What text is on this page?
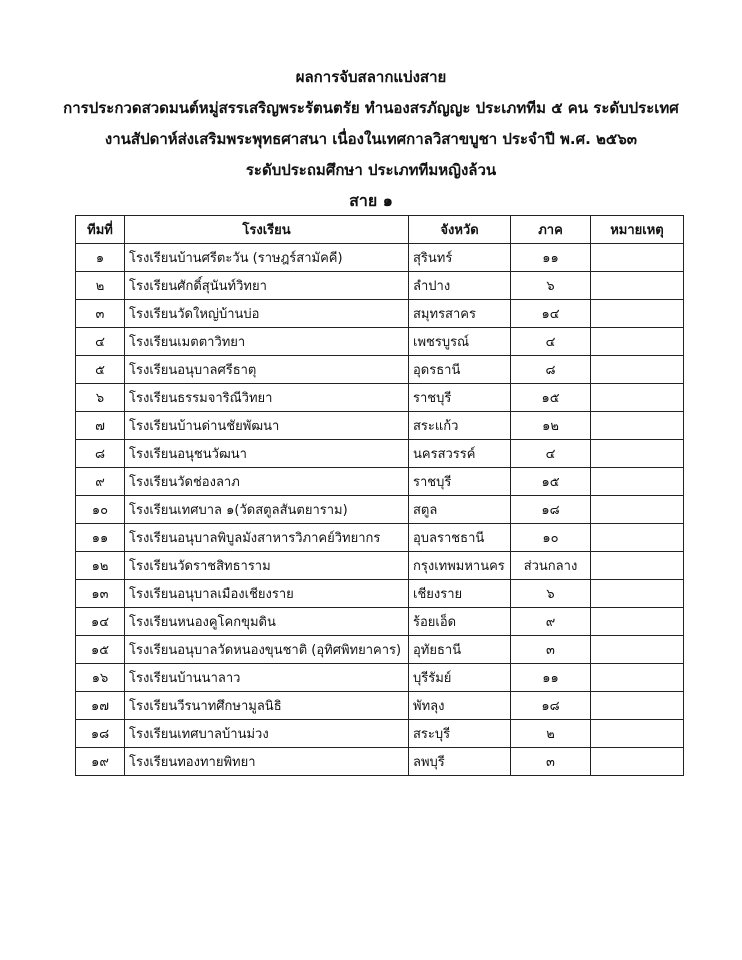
ผลการจับสลากแบ่งสาย
การประกวดสวดมนต์หมู่สรรเสริญพระรัตนตรัย ทำนองสรภัญญะ ประเภททีม ๕ คน ระดับประเทศ
งานสัปดาห์ส่งเสริมพระพุทธศาสนา เนื่องในเทศกาลวิสาขบูชา ประจำปี พ.ศ. ๒๕๖๓
ระดับประถมศึกษา ประเภททีมหญิงล้วน
สาย ๑
ทีมที่	โรงเรียน	จังหวัด	ภาค	หมายเหตุ
๑	โรงเรียนบ้านศรีตะวัน (ราษฎร์สามัคคี)	สุรินทร์	๑๑	
๒	โรงเรียนศักดิ์สุนันท์วิทยา	ลำปาง	๖	
๓	โรงเรียนวัดใหญ่บ้านบ่อ	สมุทรสาคร	๑๔	
๔	โรงเรียนเมตตาวิทยา	เพชรบูรณ์	๔	
๕	โรงเรียนอนุบาลศรีธาตุ	อุดรธานี	๘	
๖	โรงเรียนธรรมจาริณีวิทยา	ราชบุรี	๑๕	
๗	โรงเรียนบ้านด่านชัยพัฒนา	สระแก้ว	๑๒	
๘	โรงเรียนอนุชนวัฒนา	นครสวรรค์	๔	
๙	โรงเรียนวัดช่องลาภ	ราชบุรี	๑๕	
๑๐	โรงเรียนเทศบาล ๑(วัดสตูลสันตยาราม)	สตูล	๑๘	
๑๑	โรงเรียนอนุบาลพิบูลมังสาหารวิภาคย์วิทยากร	อุบลราชธานี	๑๐	
๑๒	โรงเรียนวัดราชสิทธาราม	กรุงเทพมหานคร	ส่วนกลาง	
๑๓	โรงเรียนอนุบาลเมืองเชียงราย	เชียงราย	๖	
๑๔	โรงเรียนหนองคูโคกขุมดิน	ร้อยเอ็ด	๙	
๑๕	โรงเรียนอนุบาลวัดหนองขุนชาติ (อุทิศพิทยาคาร)	อุทัยธานี	๓	
๑๖	โรงเรียนบ้านนาลาว	บุรีรัมย์	๑๑	
๑๗	โรงเรียนวีรนาทศึกษามูลนิธิ	พัทลุง	๑๘	
๑๘	โรงเรียนเทศบาลบ้านม่วง	สระบุรี	๒	
๑๙	โรงเรียนทองทายพิทยา	ลพบุรี	๓	
